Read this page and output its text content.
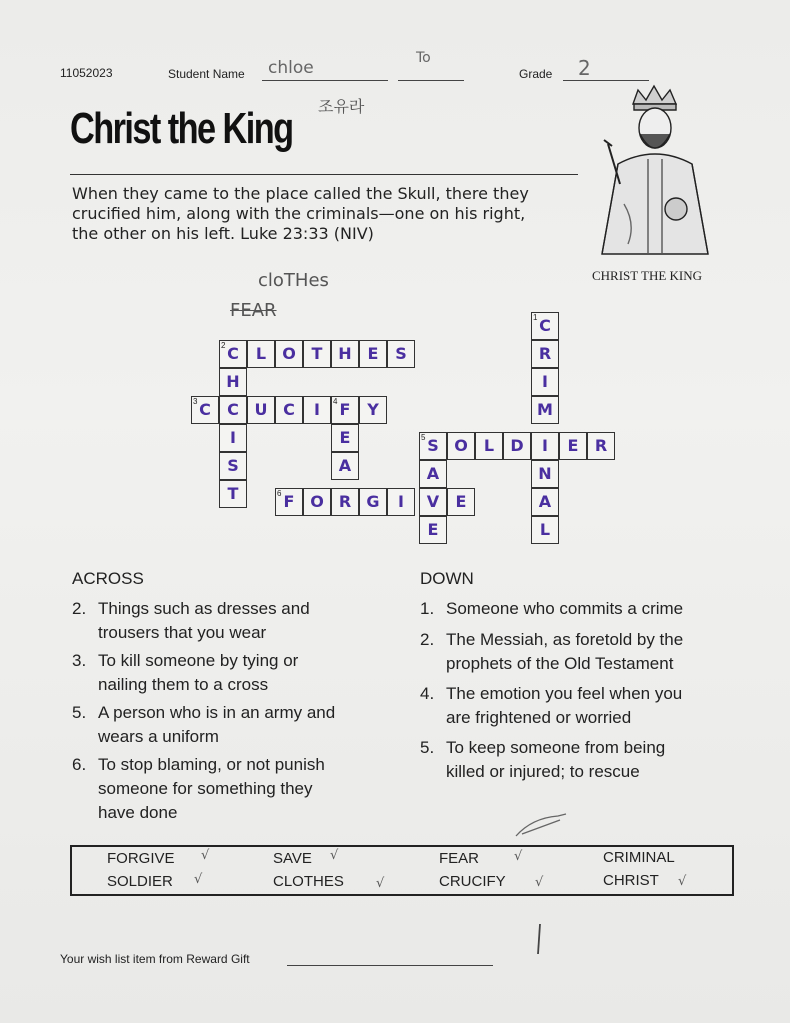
11052023	Student Name chloe	To
조유라
Grade 2
Christ the King
When they came to the place called the Skull, there they
crucified him, along with the criminals—one on his right,
the other on his left. Luke 23:33 (NIV)
CHRIST THE KING
cloTHes
FEAR
C	L	O T H E	S
2
H
C
I
S
T
C
3	U C	I	F	Y
E
A
4
F
6	O R G	I	V	E
S
5
A
E
O	L	D	I	E	R
C
1
R
I
M
N
A
L
ACROSS
2. Things such as dresses and
trousers that you wear
3. To kill someone by tying or
nailing them to a cross
5. A person who is in an army and
wears a uniform
6. To stop blaming, or not punish
someone for something they
have done
DOWN
1. Someone who commits a crime
2. The Messiah, as foretold by the
prophets of the Old Testament
4. The emotion you feel when you
are frightened or worried
5. To keep someone from being
killed or injured; to rescue
FORGIVE	SAVE	FEAR	CRIMINAL
SOLDIER	CLOTHES	CRUCIFY	CHRIST
√	√	√
√	√	√	√
Your wish list item from Reward Gift
